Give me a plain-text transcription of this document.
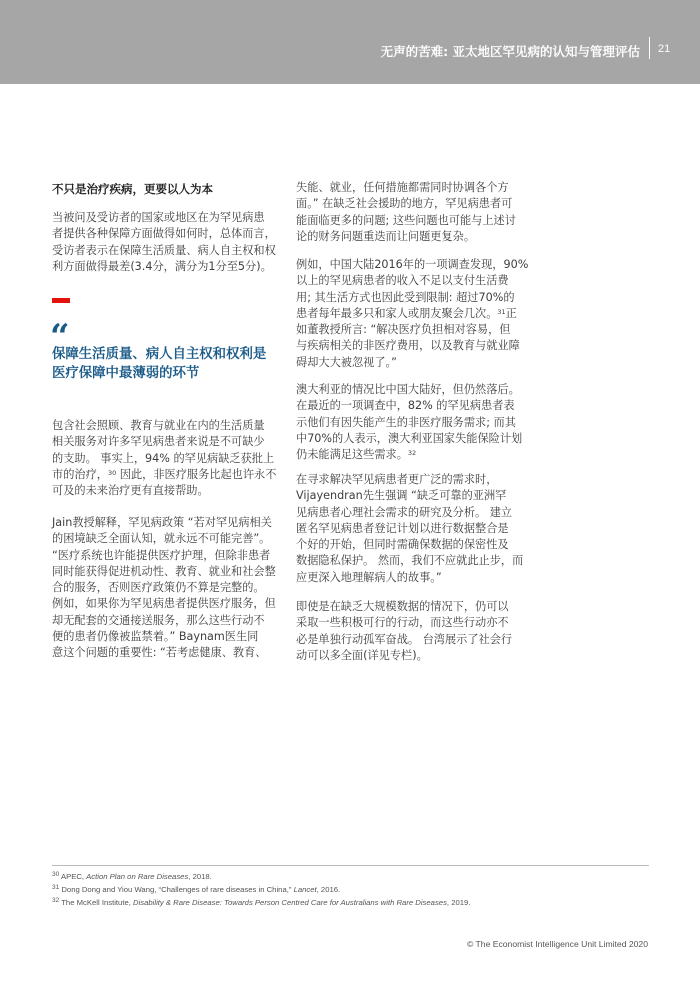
无声的苦难: 亚太地区罕见病的认知与管理评估 21
不只是治疗疾病，更要以人为本
当被问及受访者的国家或地区在为罕见病患
者提供各种保障方面做得如何时，总体而言，
受访者表示在保障生活质量、病人自主权和权
利方面做得最差(3.4分，满分为1分至5分)。
“
保障生活质量、病人自主权和权利是
医疗保障中最薄弱的环节
包含社会照顾、教育与就业在内的生活质量
相关服务对许多罕见病患者来说是不可缺少
的支助。 事实上，94% 的罕见病缺乏获批上
市的治疗，$^{30}$ 因此，非医疗服务比起也许永不
可及的未来治疗更有直接帮助。
Jain教授解释，罕见病政策 “若对罕见病相关
的困境缺乏全面认知，就永远不可能完善”。
“医疗系统也许能提供医疗护理，但除非患者
同时能获得促进机动性、教育、就业和社会整
合的服务，否则医疗政策仍不算是完整的。
例如，如果你为罕见病患者提供医疗服务，但
却无配套的交通接送服务，那么这些行动不
便的患者仍像被监禁着。” Baynam医生同
意这个问题的重要性: “若考虑健康、教育、
失能、就业，任何措施都需同时协调各个方
面。” 在缺乏社会援助的地方，罕见病患者可
能面临更多的问题; 这些问题也可能与上述讨
论的财务问题重迭而让问题更复杂。
例如，中国大陆2016年的一项调查发现，90%
以上的罕见病患者的收入不足以支付生活费
用; 其生活方式也因此受到限制: 超过70%的
患者每年最多只和家人或朋友聚会几次。$^{31}$正
如董教授所言: “解决医疗负担相对容易，但
与疾病相关的非医疗费用，以及教育与就业障
碍却大大被忽视了。”
澳大利亚的情况比中国大陆好，但仍然落后。
在最近的一项调查中，82% 的罕见病患者表
示他们有因失能产生的非医疗服务需求; 而其
中70%的人表示，澳大利亚国家失能保险计划
仍未能满足这些需求。$^{32}$
在寻求解决罕见病患者更广泛的需求时，
Vijayendran先生强调 “缺乏可靠的亚洲罕
见病患者心理社会需求的研究及分析。 建立
匿名罕见病患者登记计划以进行数据整合是
个好的开始，但同时需确保数据的保密性及
数据隐私保护。 然而，我们不应就此止步，而
应更深入地理解病人的故事。”
即使是在缺乏大规模数据的情况下，仍可以
采取一些积极可行的行动，而这些行动亦不
必是单独行动孤军奋战。 台湾展示了社会行
动可以多全面(详见专栏)。
$^{30}$ APEC, Action Plan on Rare Diseases, 2018.
$^{31}$ Dong Dong and Yiou Wang, “Challenges of rare diseases in China,” Lancet, 2016.
$^{32}$ The McKell Institute, Disability & Rare Disease: Towards Person Centred Care for Australians with Rare Diseases, 2019.
© The Economist Intelligence Unit Limited 2020
